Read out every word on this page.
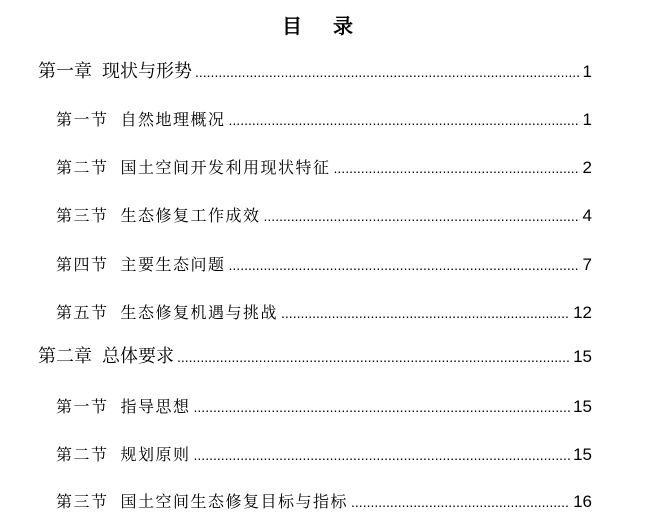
目 录
第一章 现状与形势 .....	1
第一节 自然地理概况 .....	1
第二节 国土空间开发利用现状特征 .....	2
第三节 生态修复工作成效 .....	4
第四节 主要生态问题 .....	7
第五节 生态修复机遇与挑战 .....	12
第二章 总体要求 .....	15
第一节 指导思想 .....	15
第二节 规划原则 .....	15
第三节 国土空间生态修复目标与指标 .....	16
